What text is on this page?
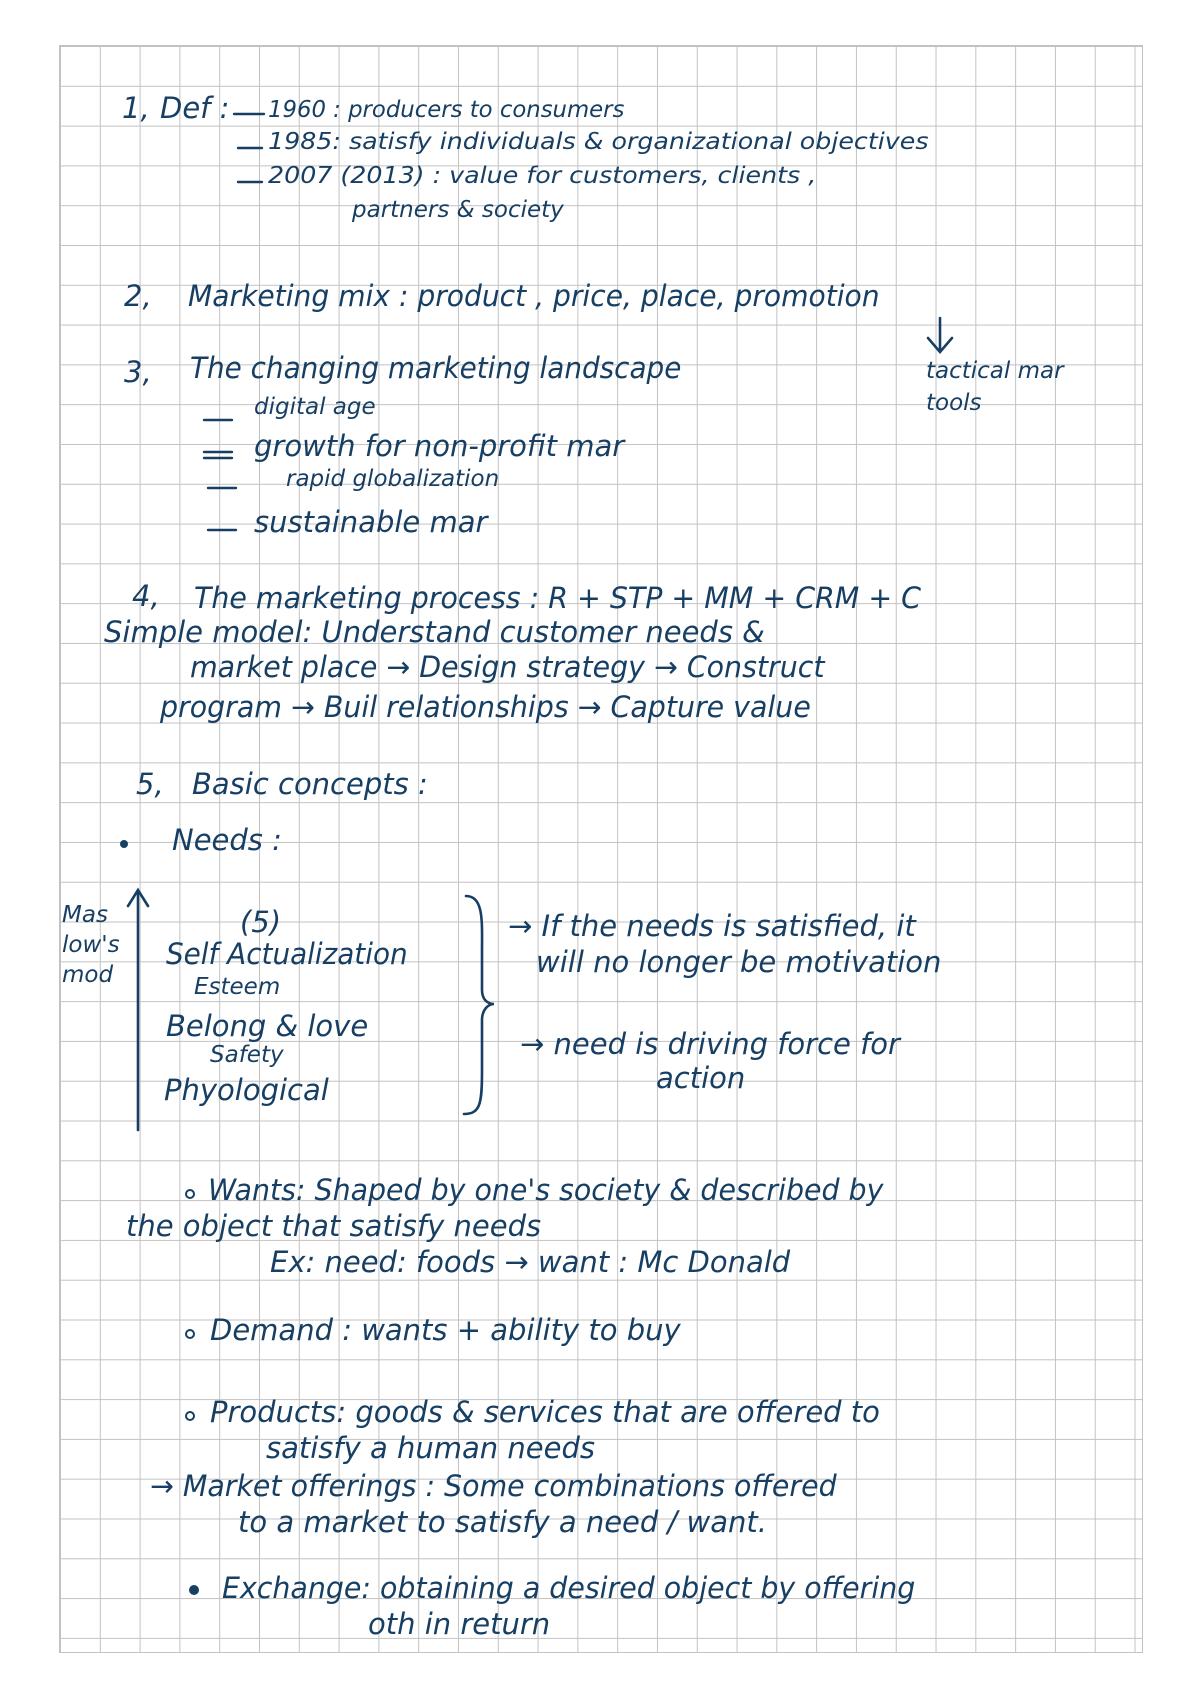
1, Def : 1960 : producers to consumers
1985: satisfy individuals & organizational objectives
2007 (2013) : value for customers, clients ,
partners & society
2, Marketing mix : product , price, place, promotion
tactical mar
tools
3, The changing marketing landscape
digital age
growth for non-profit mar
rapid globalization
sustainable mar
4, The marketing process : R + STP + MM + CRM + C
Simple model: Understand customer needs &
market place → Design strategy → Construct
program → Buil relationships → Capture value
5, Basic concepts :
Needs :
Mas
low's
mod
(5)
Self Actualization
Esteem
Belong & love
Safety
Phyological
→ If the needs is satisfied, it
will no longer be motivation
→ need is driving force for
action
Wants: Shaped by one's society & described by
the object that satisfy needs
Ex: need: foods → want : Mc Donald
Demand : wants + ability to buy
Products: goods & services that are offered to
satisfy a human needs
→ Market offerings : Some combinations offered
to a market to satisfy a need / want.
Exchange: obtaining a desired object by offering
oth in return
